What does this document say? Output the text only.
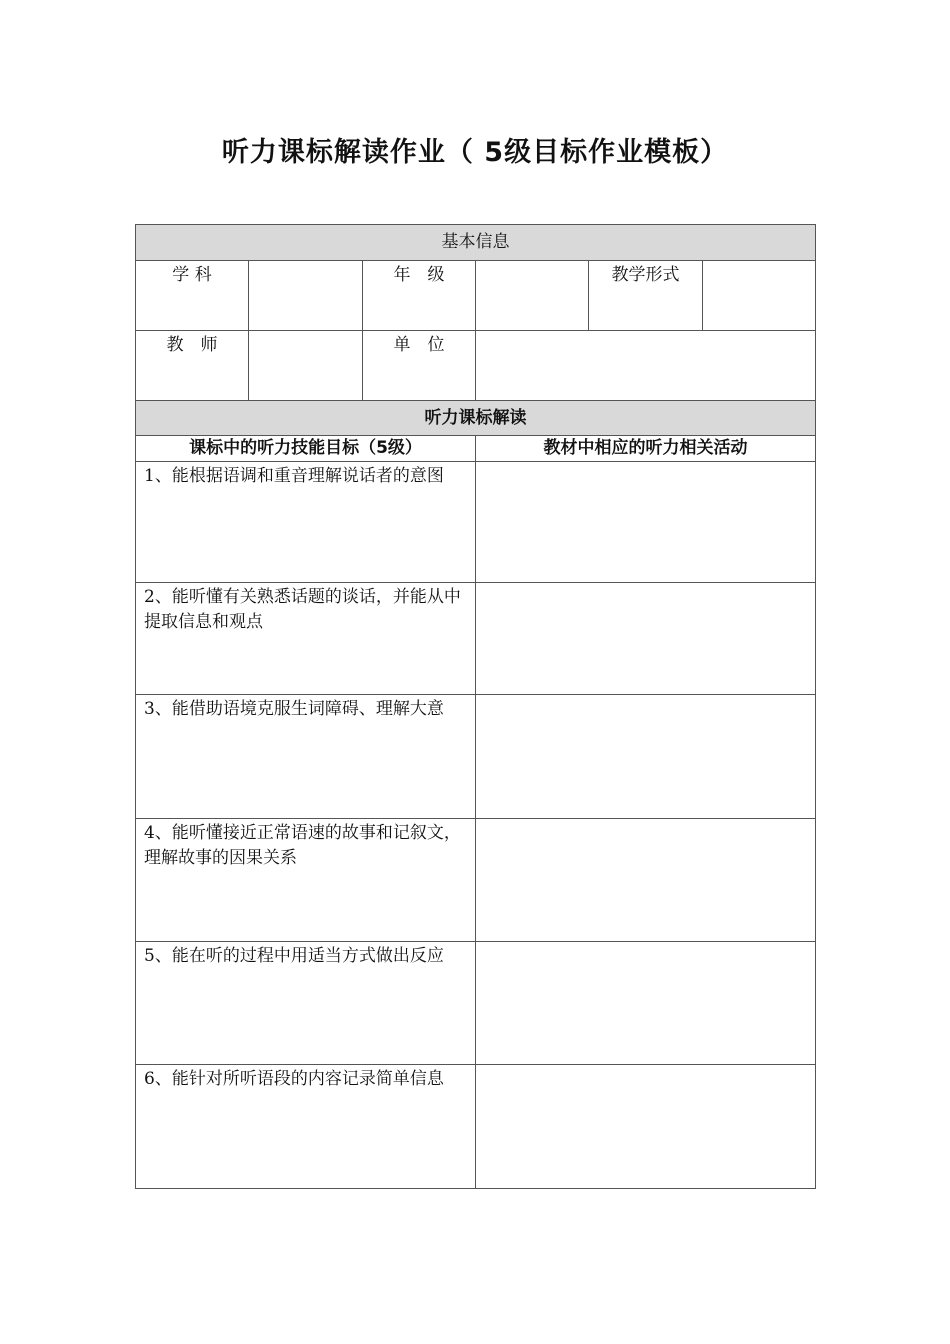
听力课标解读作业（ 5级目标作业模板）
基本信息					
学 科		年　级		教学形式	
教　师		单　位			
听力课标解读					
课标中的听力技能目标（5级）			教材中相应的听力相关活动		
1、能根据语调和重音理解说话者的意图					
2、能听懂有关熟悉话题的谈话，并能从中提取信息和观点					
3、能借助语境克服生词障碍、理解大意					
4、能听懂接近正常语速的故事和记叙文，理解故事的因果关系					
5、能在听的过程中用适当方式做出反应					
6、能针对所听语段的内容记录简单信息					
